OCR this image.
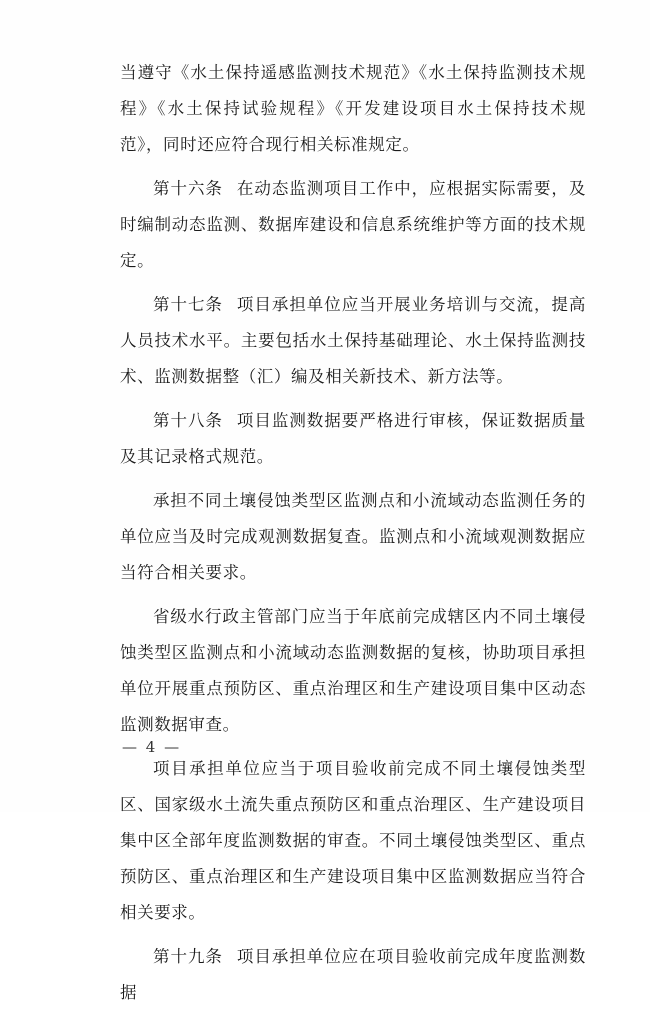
当遵守《水土保持遥感监测技术规范》《水土保持监测技术规程》《水土保持试验规程》《开发建设项目水土保持技术规范》，同时还应符合现行相关标准规定。

第十六条 在动态监测项目工作中，应根据实际需要，及时编制动态监测、数据库建设和信息系统维护等方面的技术规定。

第十七条 项目承担单位应当开展业务培训与交流，提高人员技术水平。主要包括水土保持基础理论、水土保持监测技术、监测数据整（汇）编及相关新技术、新方法等。

第十八条 项目监测数据要严格进行审核，保证数据质量及其记录格式规范。

承担不同土壤侵蚀类型区监测点和小流域动态监测任务的单位应当及时完成观测数据复查。监测点和小流域观测数据应当符合相关要求。

省级水行政主管部门应当于年底前完成辖区内不同土壤侵蚀类型区监测点和小流域动态监测数据的复核，协助项目承担单位开展重点预防区、重点治理区和生产建设项目集中区动态监测数据审查。

项目承担单位应当于项目验收前完成不同土壤侵蚀类型区、国家级水土流失重点预防区和重点治理区、生产建设项目集中区全部年度监测数据的审查。不同土壤侵蚀类型区、重点预防区、重点治理区和生产建设项目集中区监测数据应当符合相关要求。

第十九条 项目承担单位应在项目验收前完成年度监测数据

— 4 —
